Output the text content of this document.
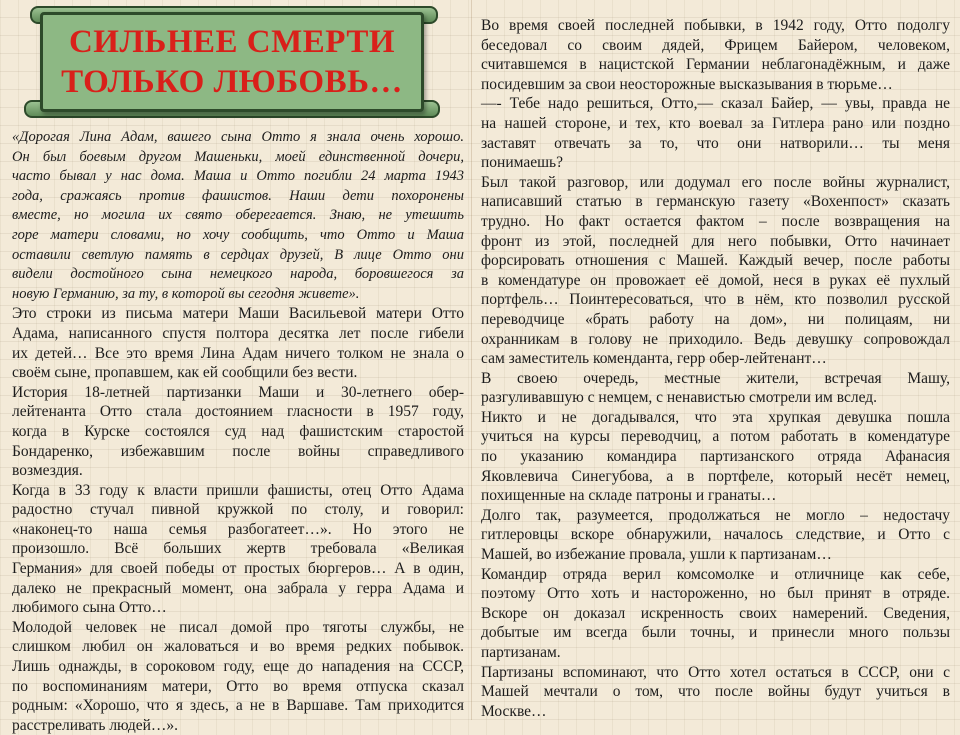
СИЛЬНЕЕ СМЕРТИ
ТОЛЬКО ЛЮБОВЬ…
«Дорогая Лина Адам, вашего сына Отто я знала очень хорошо.
Он был боевым другом Машеньки, моей единственной дочери,
часто бывал у нас дома. Маша и Отто погибли 24 марта 1943
года, сражаясь против фашистов. Наши дети похоронены
вместе, но могила их свято оберегается. Знаю, не утешить
горе матери словами, но хочу сообщить, что Отто и Маша
оставили светлую память в сердцах друзей, В лице Отто они
видели достойного сына немецкого народа, боровшегося за
новую Германию, за ту, в которой вы сегодня живете».
Это строки из письма матери Маши Васильевой матери Отто
Адама, написанного спустя полтора десятка лет после гибели
их детей… Все это время Лина Адам ничего толком не знала о
своём сыне, пропавшем, как ей сообщили без вести.
История 18-летней партизанки Маши и 30-летнего обер-
лейтенанта Отто стала достоянием гласности в 1957 году,
когда в Курске состоялся суд над фашистским старостой
Бондаренко, избежавшим после войны справедливого
возмездия.
Когда в 33 году к власти пришли фашисты, отец Отто Адама
радостно стучал пивной кружкой по столу, и говорил:
«наконец-то наша семья разбогатеет…». Но этого не
произошло. Всё больших жертв требовала «Великая
Германия» для своей победы от простых бюргеров… А в один,
далеко не прекрасный момент, она забрала у герра Адама и
любимого сына Отто…
Молодой человек не писал домой про тяготы службы, не
слишком любил он жаловаться и во время редких побывок.
Лишь однажды, в сороковом году, еще до нападения на СССР,
по воспоминаниям матери, Отто во время отпуска сказал
родным: «Хорошо, что я здесь, а не в Варшаве. Там приходится
расстреливать людей…».
Во время своей последней побывки, в 1942 году, Отто подолгу
беседовал со своим дядей, Фрицем Байером, человеком,
считавшемся в нацистской Германии неблагонадёжным, и даже
посидевшим за свои неосторожные высказывания в тюрьме…
—- Тебе надо решиться, Отто,— сказал Байер, — увы, правда не
на нашей стороне, и тех, кто воевал за Гитлера рано или поздно
заставят отвечать за то, что они натворили… ты меня
понимаешь?
Был такой разговор, или додумал его после войны журналист,
написавший статью в германскую газету «Вохенпост» сказать
трудно. Но факт остается фактом – после возвращения на
фронт из этой, последней для него побывки, Отто начинает
форсировать отношения с Машей. Каждый вечер, после работы
в комендатуре он провожает её домой, неся в руках её пухлый
портфель… Поинтересоваться, что в нём, кто позволил русской
переводчице «брать работу на дом», ни полицаям, ни
охранникам в голову не приходило. Ведь девушку сопровождал
сам заместитель коменданта, герр обер-лейтенант…
В своею очередь, местные жители, встречая Машу,
разгуливавшую с немцем, с ненавистью смотрели им вслед.
Никто и не догадывался, что эта хрупкая девушка пошла
учиться на курсы переводчиц, а потом работать в комендатуре
по указанию командира партизанского отряда Афанасия
Яковлевича Синегубова, а в портфеле, который несёт немец,
похищенные на складе патроны и гранаты…
Долго так, разумеется, продолжаться не могло – недостачу
гитлеровцы вскоре обнаружили, началось следствие, и Отто с
Машей, во избежание провала, ушли к партизанам…
Командир отряда верил комсомолке и отличнице как себе,
поэтому Отто хоть и настороженно, но был принят в отряде.
Вскоре он доказал искренность своих намерений. Сведения,
добытые им всегда были точны, и принесли много пользы
партизанам.
Партизаны вспоминают, что Отто хотел остаться в СССР, они с
Машей мечтали о том, что после войны будут учиться в
Москве…
